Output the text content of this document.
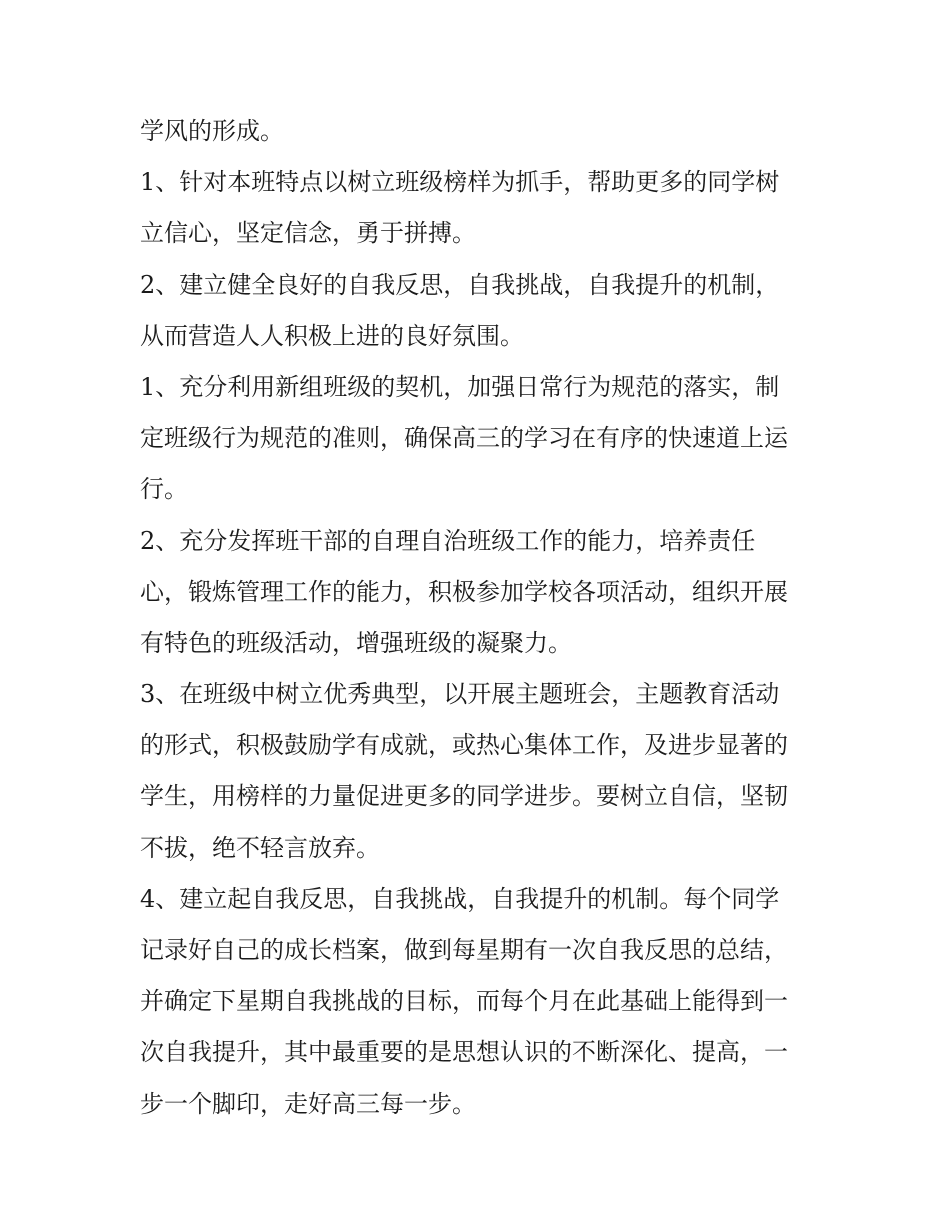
学风的形成。
1、针对本班特点以树立班级榜样为抓手，帮助更多的同学树
立信心，坚定信念，勇于拼搏。
2、建立健全良好的自我反思，自我挑战，自我提升的机制，
从而营造人人积极上进的良好氛围。
1、充分利用新组班级的契机，加强日常行为规范的落实，制
定班级行为规范的准则，确保高三的学习在有序的快速道上运
行。
2、充分发挥班干部的自理自治班级工作的能力，培养责任
心，锻炼管理工作的能力，积极参加学校各项活动，组织开展
有特色的班级活动，增强班级的凝聚力。
3、在班级中树立优秀典型，以开展主题班会，主题教育活动
的形式，积极鼓励学有成就，或热心集体工作，及进步显著的
学生，用榜样的力量促进更多的同学进步。要树立自信，坚韧
不拔，绝不轻言放弃。
4、建立起自我反思，自我挑战，自我提升的机制。每个同学
记录好自己的成长档案，做到每星期有一次自我反思的总结，
并确定下星期自我挑战的目标，而每个月在此基础上能得到一
次自我提升，其中最重要的是思想认识的不断深化、提高，一
步一个脚印，走好高三每一步。
